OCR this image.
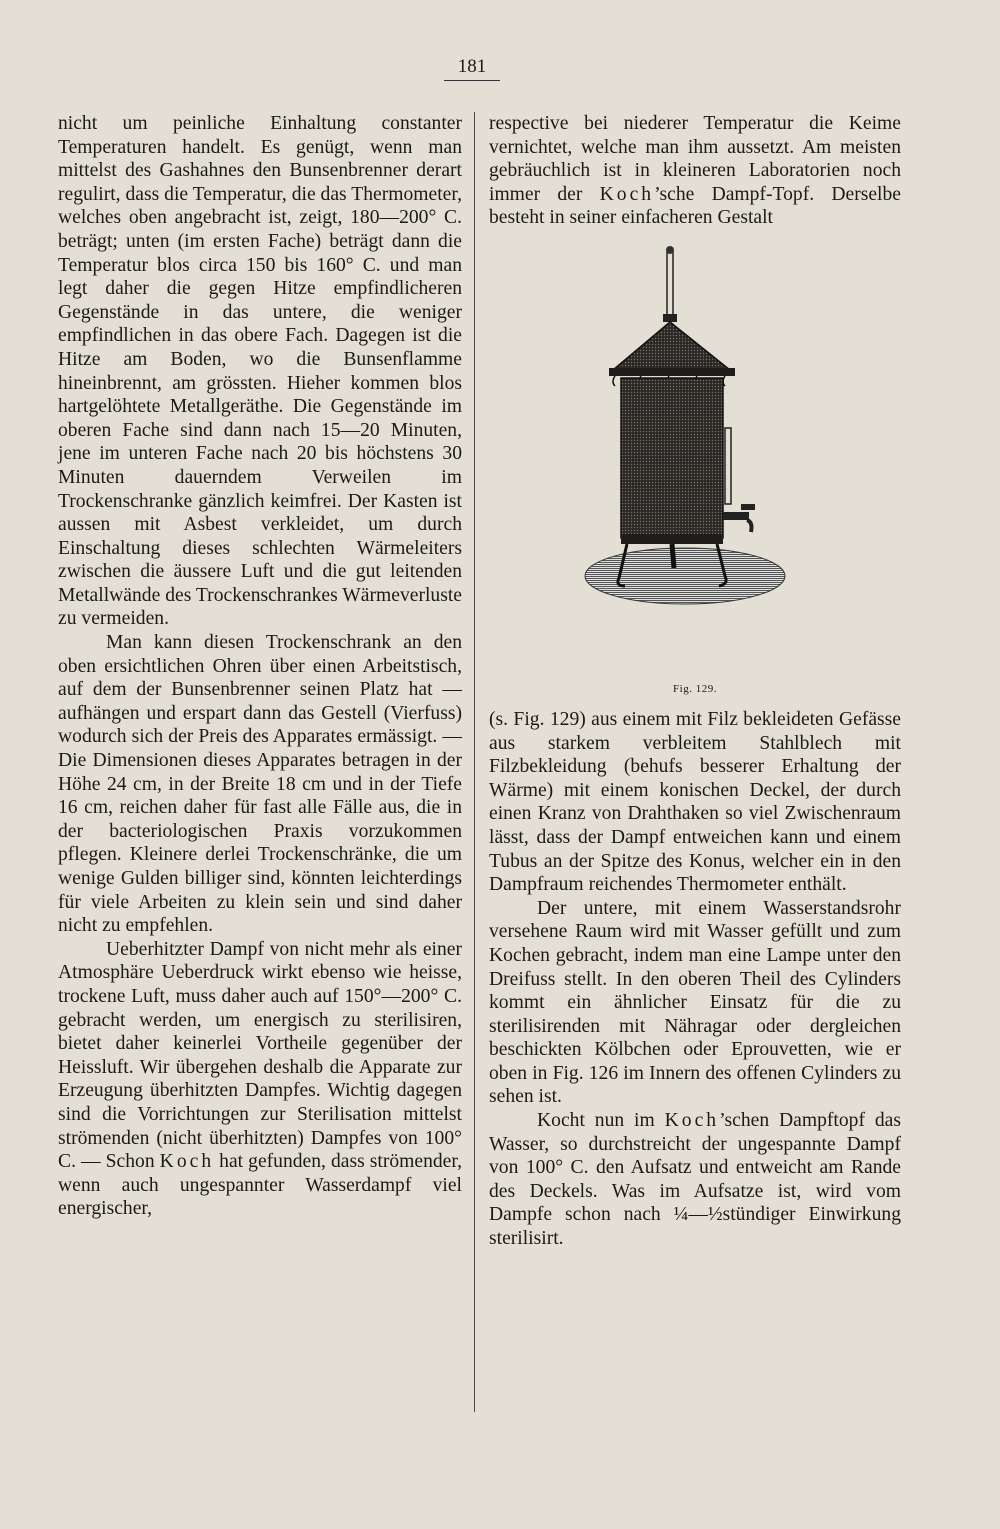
181

nicht um peinliche Einhaltung constanter Temperaturen handelt. Es genügt, wenn man mittelst des Gashahnes den Bunsenbrenner derart regulirt, dass die Temperatur, die das Thermometer, welches oben angebracht ist, zeigt, 180—200° C. beträgt; unten (im ersten Fache) beträgt dann die Temperatur blos circa 150 bis 160° C. und man legt daher die gegen Hitze empfindlicheren Gegenstände in das untere, die weniger empfindlichen in das obere Fach. Dagegen ist die Hitze am Boden, wo die Bunsenflamme hineinbrennt, am grössten. Hieher kommen blos hartgelöhtete Metallgeräthe. Die Gegenstände im oberen Fache sind dann nach 15—20 Minuten, jene im unteren Fache nach 20 bis höchstens 30 Minuten dauerndem Verweilen im Trockenschranke gänzlich keimfrei. Der Kasten ist aussen mit Asbest verkleidet, um durch Einschaltung dieses schlechten Wärmeleiters zwischen die äussere Luft und die gut leitenden Metallwände des Trockenschrankes Wärmeverluste zu vermeiden.

Man kann diesen Trockenschrank an den oben ersichtlichen Ohren über einen Arbeitstisch, auf dem der Bunsenbrenner seinen Platz hat — aufhängen und erspart dann das Gestell (Vierfuss) wodurch sich der Preis des Apparates ermässigt. — Die Dimensionen dieses Apparates betragen in der Höhe 24 cm, in der Breite 18 cm und in der Tiefe 16 cm, reichen daher für fast alle Fälle aus, die in der bacteriologischen Praxis vorzukommen pflegen. Kleinere derlei Trockenschränke, die um wenige Gulden billiger sind, könnten leichterdings für viele Arbeiten zu klein sein und sind daher nicht zu empfehlen.

Ueberhitzter Dampf von nicht mehr als einer Atmosphäre Ueberdruck wirkt ebenso wie heisse, trockene Luft, muss daher auch auf 150°—200° C. gebracht werden, um energisch zu sterilisiren, bietet daher keinerlei Vortheile gegenüber der Heissluft. Wir übergehen deshalb die Apparate zur Erzeugung überhitzten Dampfes. Wichtig dagegen sind die Vorrichtungen zur Sterilisation mittelst strömenden (nicht überhitzten) Dampfes von 100° C. — Schon Koch hat gefunden, dass strömender, wenn auch ungespannter Wasserdampf viel energischer,

respective bei niederer Temperatur die Keime vernichtet, welche man ihm aussetzt. Am meisten gebräuchlich ist in kleineren Laboratorien noch immer der Koch’sche Dampf-Topf. Derselbe besteht in seiner einfacheren Gestalt

Fig. 129.

(s. Fig. 129) aus einem mit Filz bekleideten Gefässe aus starkem verbleitem Stahlblech mit Filzbekleidung (behufs besserer Erhaltung der Wärme) mit einem konischen Deckel, der durch einen Kranz von Drahthaken so viel Zwischenraum lässt, dass der Dampf entweichen kann und einem Tubus an der Spitze des Konus, welcher ein in den Dampfraum reichendes Thermometer enthält.

Der untere, mit einem Wasserstandsrohr versehene Raum wird mit Wasser gefüllt und zum Kochen gebracht, indem man eine Lampe unter den Dreifuss stellt. In den oberen Theil des Cylinders kommt ein ähnlicher Einsatz für die zu sterilisirenden mit Nähragar oder dergleichen beschickten Kölbchen oder Eprouvetten, wie er oben in Fig. 126 im Innern des offenen Cylinders zu sehen ist.

Kocht nun im Koch’schen Dampftopf das Wasser, so durchstreicht der ungespannte Dampf von 100° C. den Aufsatz und entweicht am Rande des Deckels. Was im Aufsatze ist, wird vom Dampfe schon nach ¼—½stündiger Einwirkung sterilisirt.
